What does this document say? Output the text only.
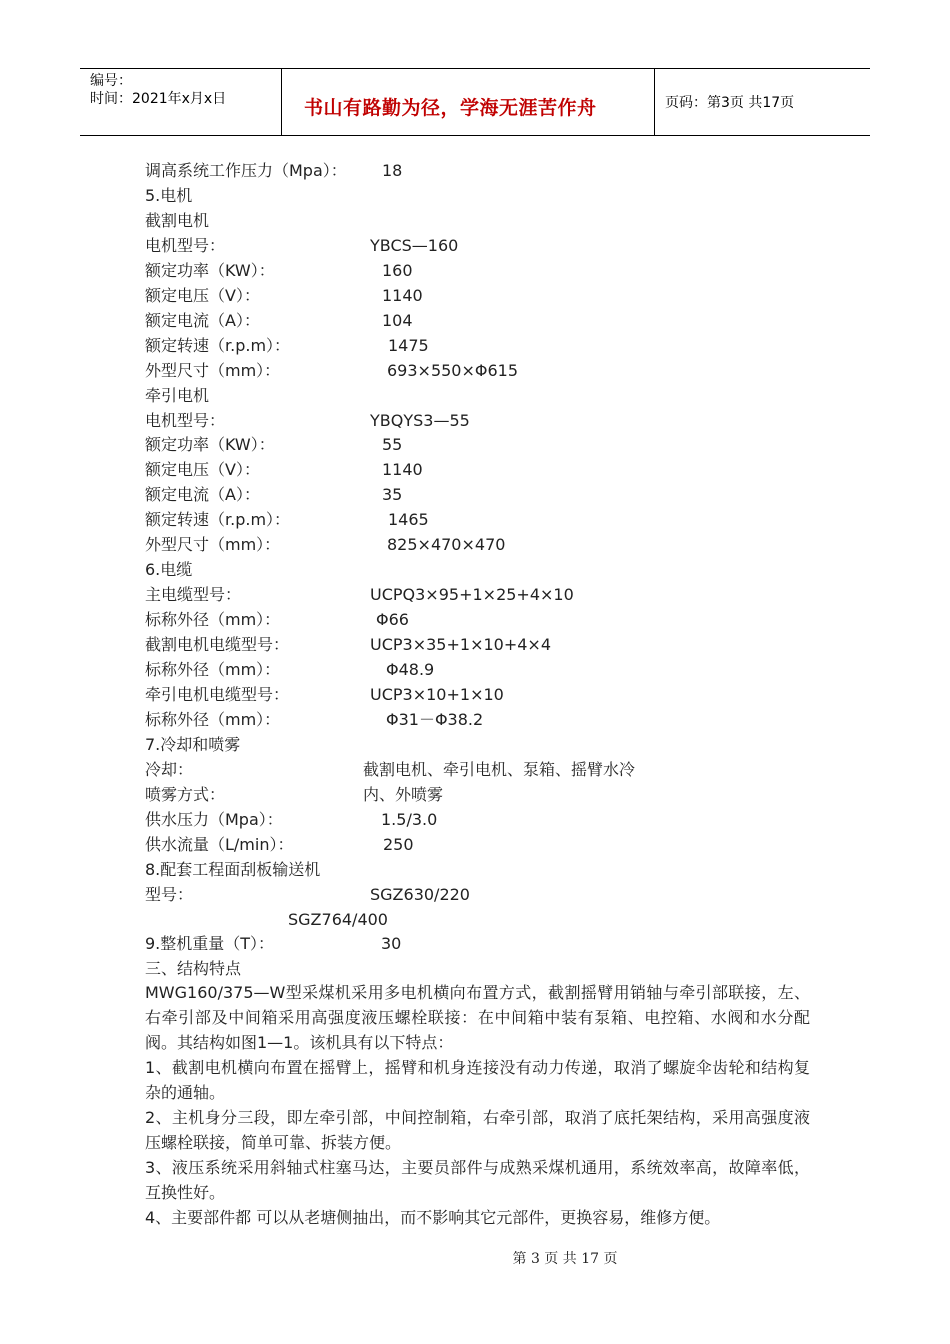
编号：
时间：2021年x月x日	书山有路勤为径，学海无涯苦作舟	页码：第3页 共17页
调高系统工作压力（Mpa）： 18
5.电机
截割电机
电机型号：	YBCS—160
额定功率（KW）：	160
额定电压（V）：	1140
额定电流（A）：	104
额定转速（r.p.m）：	1475
外型尺寸（mm）：	693×550×Φ615
牵引电机
电机型号：	YBQYS3—55
额定功率（KW）：	55
额定电压（V）：	1140
额定电流（A）：	35
额定转速（r.p.m）：	1465
外型尺寸（mm）：	825×470×470
6.电缆
主电缆型号：	UCPQ3×95+1×25+4×10
标称外径（mm）：	Φ66
截割电机电缆型号：	UCP3×35+1×10+4×4
标称外径（mm）：	Φ48.9
牵引电机电缆型号：	UCP3×10+1×10
标称外径（mm）：	Φ31－Φ38.2
7.冷却和喷雾
冷却：	截割电机、牵引电机、泵箱、摇臂水冷
喷雾方式：	内、外喷雾
供水压力（Mpa）：	1.5/3.0
供水流量（L/min）：	250
8.配套工程面刮板输送机
型号：	SGZ630/220
SGZ764/400
9.整机重量（T）：	30
三、结构特点
MWG160/375—W型采煤机采用多电机横向布置方式，截割摇臂用销轴与牵引部联接，左、右牵引部及中间箱采用高强度液压螺栓联接：在中间箱中装有泵箱、电控箱、水阀和水分配阀。其结构如图1—1。该机具有以下特点：
1、截割电机横向布置在摇臂上，摇臂和机身连接没有动力传递，取消了螺旋伞齿轮和结构复杂的通轴。
2、主机身分三段，即左牵引部，中间控制箱，右牵引部，取消了底托架结构，采用高强度液压螺栓联接，简单可靠、拆装方便。
3、液压系统采用斜轴式柱塞马达，主要员部件与成熟采煤机通用，系统效率高，故障率低，互换性好。
4、主要部件都 可以从老塘侧抽出，而不影响其它元部件，更换容易，维修方便。
第 3 页 共 17 页
